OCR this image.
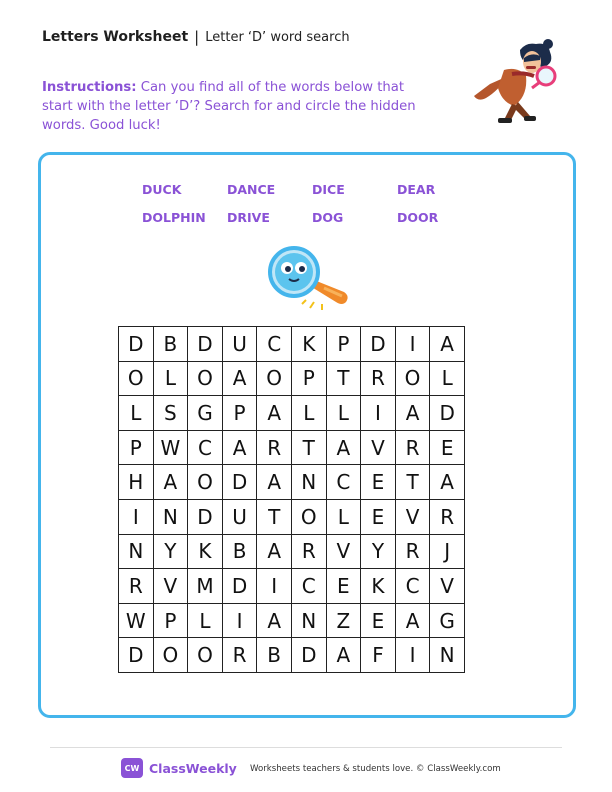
Letters Worksheet | Letter ‘D’ word search
Instructions: Can you find all of the words below that start with the letter ‘D’? Search for and circle the hidden words. Good luck!
DUCK	DANCE	DICE	DEAR
DOLPHIN	DRIVE	DOG	DOOR
D	B	D	U	C	K	P	D	I	A
O	L	O	A	O	P	T	R	O	L
L	S	G	P	A	L	L	I	A	D
P	W	C	A	R	T	A	V	R	E
H	A	O	D	A	N	C	E	T	A
I	N	D	U	T	O	L	E	V	R
N	Y	K	B	A	R	V	Y	R	J
R	V	M	D	I	C	E	K	C	V
W	P	L	I	A	N	Z	E	A	G
D	O	O	R	B	D	A	F	I	N
CW ClassWeekly Worksheets teachers & students love. © ClassWeekly.com
